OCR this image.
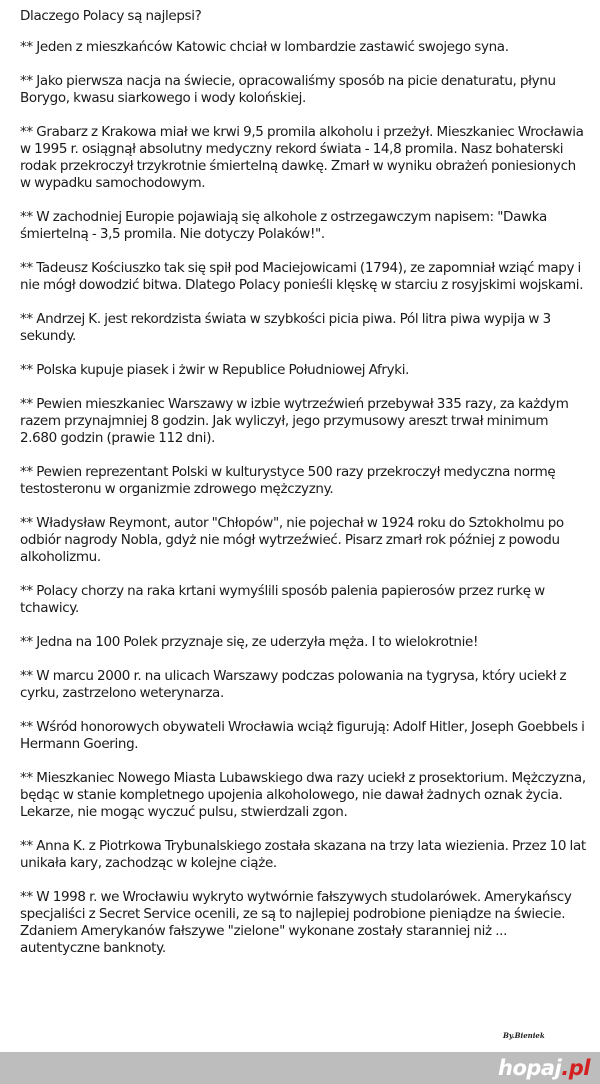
Dlaczego Polacy są najlepsi?
** Jeden z mieszkańców Katowic chciał w lombardzie zastawić swojego syna.
** Jako pierwsza nacja na świecie, opracowaliśmy sposób na picie denaturatu, płynu Borygo, kwasu siarkowego i wody kolońskiej.
** Grabarz z Krakowa miał we krwi 9,5 promila alkoholu i przeżył. Mieszkaniec Wrocławia w 1995 r. osiągnął absolutny medyczny rekord świata - 14,8 promila. Nasz bohaterski rodak przekroczył trzykrotnie śmiertelną dawkę. Zmarł w wyniku obrażeń poniesionych w wypadku samochodowym.
** W zachodniej Europie pojawiają się alkohole z ostrzegawczym napisem: "Dawka śmiertelną - 3,5 promila. Nie dotyczy Polaków!".
** Tadeusz Kościuszko tak się spił pod Maciejowicami (1794), ze zapomniał wziąć mapy i nie mógł dowodzić bitwa. Dlatego Polacy ponieśli klęskę w starciu z rosyjskimi wojskami.
** Andrzej K. jest rekordzista świata w szybkości picia piwa. Pól litra piwa wypija w 3 sekundy.
** Polska kupuje piasek i żwir w Republice Południowej Afryki.
** Pewien mieszkaniec Warszawy w izbie wytrzeźwień przebywał 335 razy, za każdym razem przynajmniej 8 godzin. Jak wyliczył, jego przymusowy areszt trwał minimum 2.680 godzin (prawie 112 dni).
** Pewien reprezentant Polski w kulturystyce 500 razy przekroczył medyczna normę testosteronu w organizmie zdrowego mężczyzny.
** Władysław Reymont, autor "Chłopów", nie pojechał w 1924 roku do Sztokholmu po odbiór nagrody Nobla, gdyż nie mógł wytrzeźwieć. Pisarz zmarł rok później z powodu alkoholizmu.
** Polacy chorzy na raka krtani wymyślili sposób palenia papierosów przez rurkę w tchawicy.
** Jedna na 100 Polek przyznaje się, ze uderzyła męża. I to wielokrotnie!
** W marcu 2000 r. na ulicach Warszawy podczas polowania na tygrysa, który uciekł z cyrku, zastrzelono weterynarza.
** Wśród honorowych obywateli Wrocławia wciąż figurują: Adolf Hitler, Joseph Goebbels i Hermann Goering.
** Mieszkaniec Nowego Miasta Lubawskiego dwa razy uciekł z prosektorium. Mężczyzna, będąc w stanie kompletnego upojenia alkoholowego, nie dawał żadnych oznak życia. Lekarze, nie mogąc wyczuć pulsu, stwierdzali zgon.
** Anna K. z Piotrkowa Trybunalskiego została skazana na trzy lata wiezienia. Przez 10 lat unikała kary, zachodząc w kolejne ciąże.
** W 1998 r. we Wrocławiu wykryto wytwórnie fałszywych studolarówek. Amerykańscy specjaliści z Secret Service ocenili, ze są to najlepiej podrobione pieniądze na świecie. Zdaniem Amerykanów fałszywe "zielone" wykonane zostały staranniej niż ... autentyczne banknoty.
By.Bieniek
hopaj.pl
